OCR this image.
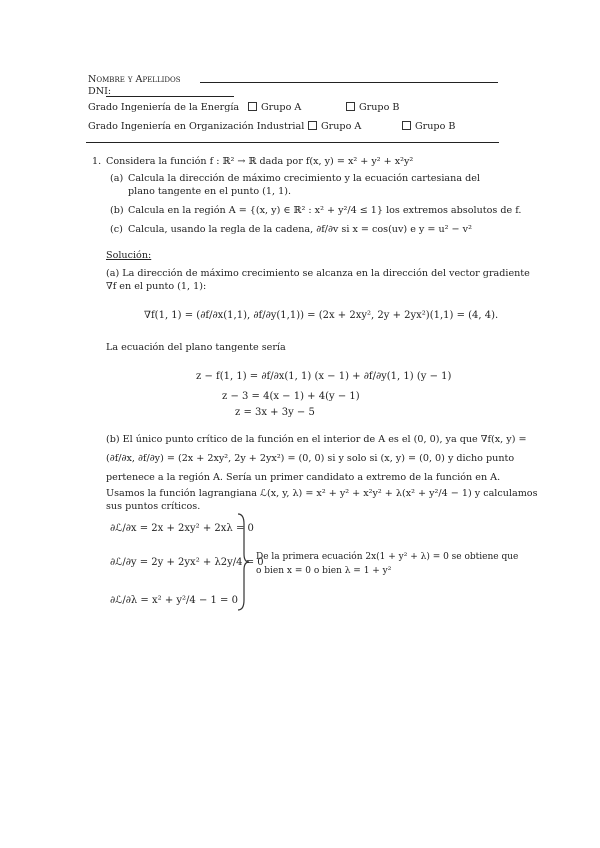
Nombre y Apellidos
DNI:
Grado Ingeniería de la Energía	Grupo A	Grupo B
Grado Ingeniería en Organización Industrial	Grupo A	Grupo B
1. Considera la función f : ℝ² → ℝ dada por f(x, y) = x² + y² + x²y²
(a) Calcula la dirección de máximo crecimiento y la ecuación cartesiana del plano tangente en el punto (1, 1).
(b) Calcula en la región A = {(x, y) ∈ ℝ² : x² + y²/4 ≤ 1} los extremos absolutos de f.
(c) Calcula, usando la regla de la cadena, ∂f/∂v si x = cos(uv) e y = u² − v²
Solución:
(a) La dirección de máximo crecimiento se alcanza en la dirección del vector gradiente
∇f en el punto (1, 1):
∇f(1, 1) = (∂f/∂x(1,1), ∂f/∂y(1,1)) = (2x + 2xy², 2y + 2yx²)(1,1) = (4, 4).
La ecuación del plano tangente sería
z − f(1, 1) = ∂f/∂x(1, 1) (x − 1) + ∂f/∂y(1, 1) (y − 1)
z − 3 = 4(x − 1) + 4(y − 1)
z = 3x + 3y − 5
(b) El único punto crítico de la función en el interior de A es el (0, 0), ya que ∇f(x, y) =
(∂f/∂x, ∂f/∂y) = (2x + 2xy², 2y + 2yx²) = (0, 0) si y solo si (x, y) = (0, 0) y dicho punto
pertenece a la región A. Sería un primer candidato a extremo de la función en A.
Usamos la función lagrangiana ℒ(x, y, λ) = x² + y² + x²y² + λ(x² + y²/4 − 1) y calculamos
sus puntos críticos.
∂ℒ/∂x = 2x + 2xy² + 2xλ = 0
∂ℒ/∂y = 2y + 2yx² + λ2y/4 = 0
∂ℒ/∂λ = x² + y²/4 − 1 = 0
De la primera ecuación 2x(1 + y² + λ) = 0 se obtiene que
o bien x = 0 o bien λ = 1 + y²
